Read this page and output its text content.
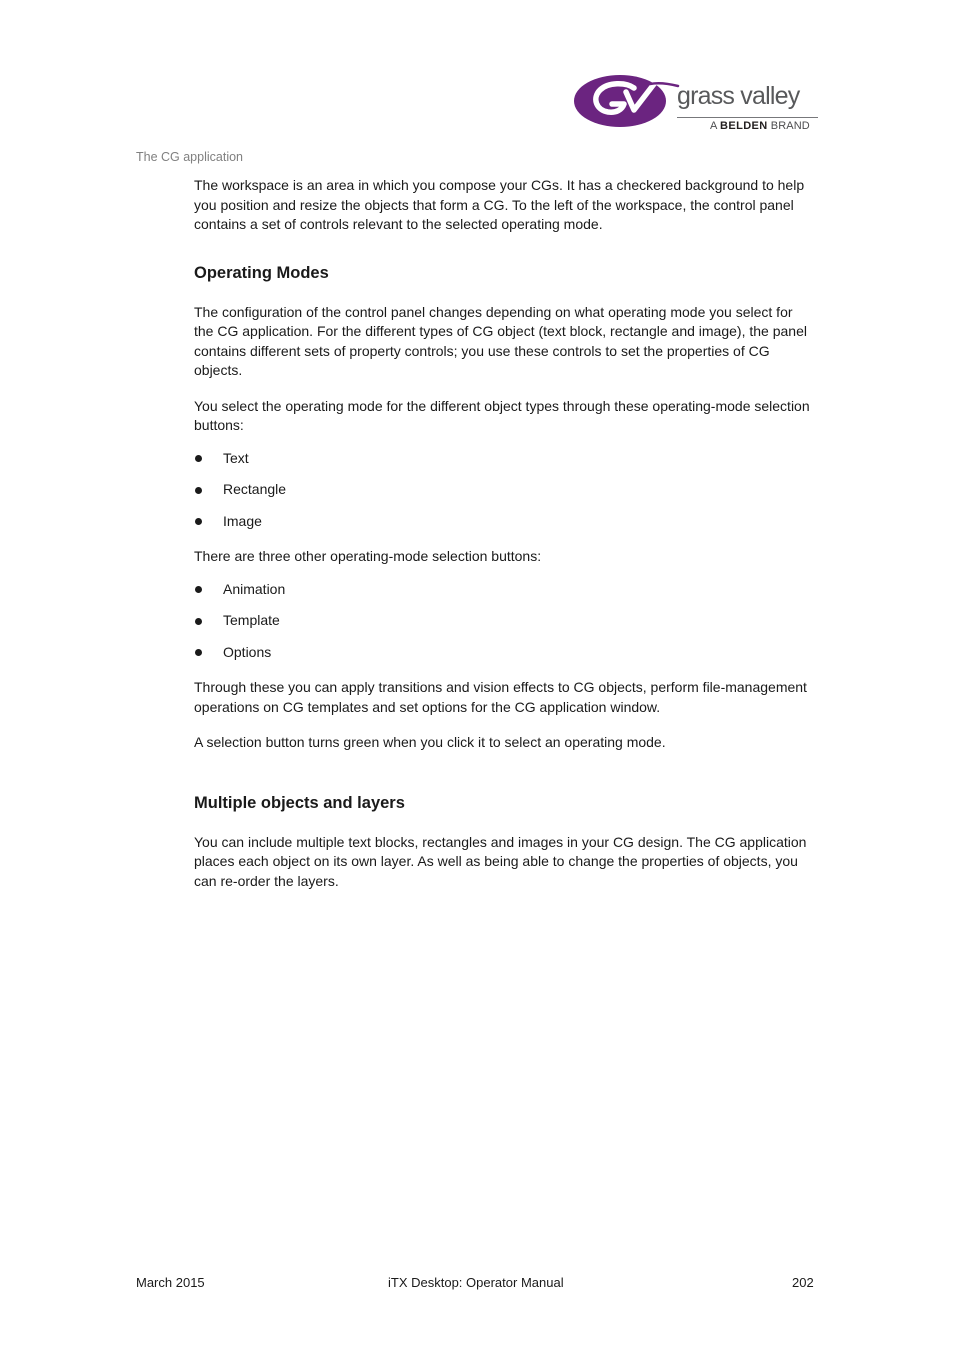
grass valley
A BELDEN BRAND
The CG application

The workspace is an area in which you compose your CGs. It has a checkered background to help you position and resize the objects that form a CG. To the left of the workspace, the control panel contains a set of controls relevant to the selected operating mode.

Operating Modes

The configuration of the control panel changes depending on what operating mode you select for the CG application. For the different types of CG object (text block, rectangle and image), the panel contains different sets of property controls; you use these controls to set the properties of CG objects.

You select the operating mode for the different object types through these operating-mode selection buttons:

Text
Rectangle
Image

There are three other operating-mode selection buttons:

Animation
Template
Options

Through these you can apply transitions and vision effects to CG objects, perform file-management operations on CG templates and set options for the CG application window.

A selection button turns green when you click it to select an operating mode.

Multiple objects and layers

You can include multiple text blocks, rectangles and images in your CG design. The CG application places each object on its own layer. As well as being able to change the properties of objects, you can re-order the layers.

March 2015	iTX Desktop: Operator Manual	202
